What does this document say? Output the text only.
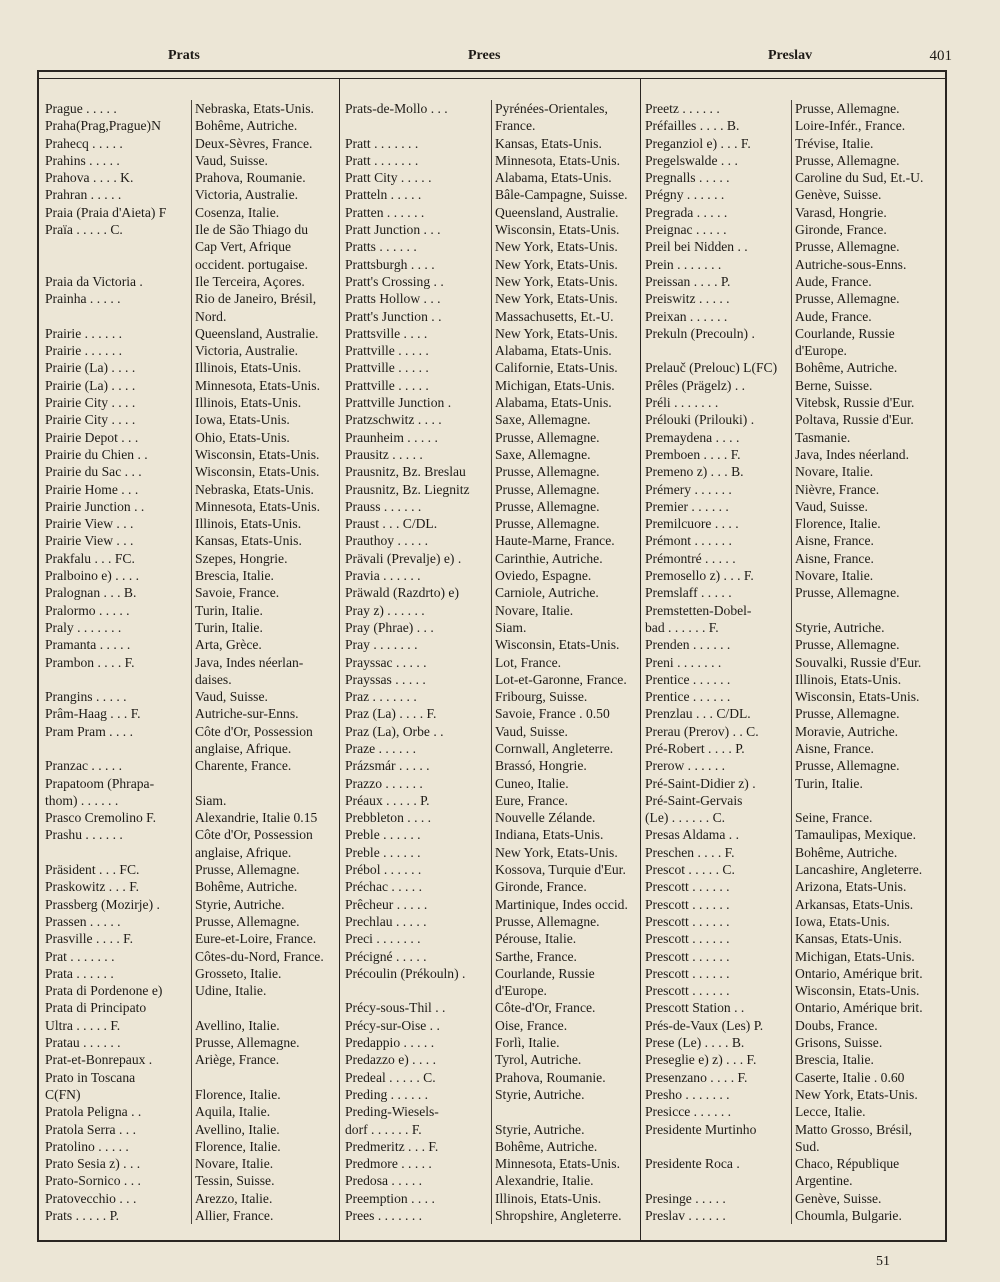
Prats	Prees	Preslav	401
Prague . . . . .	Nebraska, Etats-Unis.
Praha(Prag,Prague)N	Bohême, Autriche.
Prahecq . . . . .	Deux-Sèvres, France.
Prahins . . . . .	Vaud, Suisse.
Prahova . . . . K.	Prahova, Roumanie.
Prahran . . . . .	Victoria, Australie.
Praia (Praia d'Aieta) F	Cosenza, Italie.
Praïa . . . . . C.	Ile de São Thiago du
Cap Vert, Afrique
occident. portugaise.
Praia da Victoria .	Ile Terceira, Açores.
Prainha . . . . .	Rio de Janeiro, Brésil,
Nord.
Prairie . . . . . .	Queensland, Australie.
Prairie . . . . . .	Victoria, Australie.
Prairie (La) . . . .	Illinois, Etats-Unis.
Prairie (La) . . . .	Minnesota, Etats-Unis.
Prairie City . . . .	Illinois, Etats-Unis.
Prairie City . . . .	Iowa, Etats-Unis.
Prairie Depot . . .	Ohio, Etats-Unis.
Prairie du Chien . .	Wisconsin, Etats-Unis.
Prairie du Sac . . .	Wisconsin, Etats-Unis.
Prairie Home . . .	Nebraska, Etats-Unis.
Prairie Junction . .	Minnesota, Etats-Unis.
Prairie View . . .	Illinois, Etats-Unis.
Prairie View . . .	Kansas, Etats-Unis.
Prakfalu . . . FC.	Szepes, Hongrie.
Pralboino e) . . . .	Brescia, Italie.
Pralognan . . . B.	Savoie, France.
Pralormo . . . . .	Turin, Italie.
Praly . . . . . . .	Turin, Italie.
Pramanta . . . . .	Arta, Grèce.
Prambon . . . . F.	Java, Indes néerlan-
daises.
Prangins . . . . .	Vaud, Suisse.
Prâm-Haag . . . F.	Autriche-sur-Enns.
Pram Pram . . . .	Côte d'Or, Possession
anglaise, Afrique.
Pranzac . . . . .	Charente, France.
Prapatoom (Phrapa-
thom) . . . . . .	Siam.
Prasco Cremolino F.	Alexandrie, Italie 0.15
Prashu . . . . . .	Côte d'Or, Possession
anglaise, Afrique.
Präsident . . . FC.	Prusse, Allemagne.
Praskowitz . . . F.	Bohême, Autriche.
Prassberg (Mozirje) .	Styrie, Autriche.
Prassen . . . . .	Prusse, Allemagne.
Prasville . . . . F.	Eure-et-Loire, France.
Prat . . . . . . .	Côtes-du-Nord, France.
Prata . . . . . .	Grosseto, Italie.
Prata di Pordenone e)	Udine, Italie.
Prata di Principato
Ultra . . . . . F.	Avellino, Italie.
Pratau . . . . . .	Prusse, Allemagne.
Prat-et-Bonrepaux .	Ariège, France.
Prato in Toscana
C(FN)	Florence, Italie.
Pratola Peligna . .	Aquila, Italie.
Pratola Serra . . .	Avellino, Italie.
Pratolino . . . . .	Florence, Italie.
Prato Sesia z) . . .	Novare, Italie.
Prato-Sornico . . .	Tessin, Suisse.
Pratovecchio . . .	Arezzo, Italie.
Prats . . . . . P.	Allier, France.
Prats-de-Mollo . . .	Pyrénées-Orientales,
France.
Pratt . . . . . . .	Kansas, Etats-Unis.
Pratt . . . . . . .	Minnesota, Etats-Unis.
Pratt City . . . . .	Alabama, Etats-Unis.
Pratteln . . . . .	Bâle-Campagne, Suisse.
Pratten . . . . . .	Queensland, Australie.
Pratt Junction . . .	Wisconsin, Etats-Unis.
Pratts . . . . . .	New York, Etats-Unis.
Prattsburgh . . . .	New York, Etats-Unis.
Pratt's Crossing . .	New York, Etats-Unis.
Pratts Hollow . . .	New York, Etats-Unis.
Pratt's Junction . .	Massachusetts, Et.-U.
Prattsville . . . .	New York, Etats-Unis.
Prattville . . . . .	Alabama, Etats-Unis.
Prattville . . . . .	Californie, Etats-Unis.
Prattville . . . . .	Michigan, Etats-Unis.
Prattville Junction .	Alabama, Etats-Unis.
Pratzschwitz . . . .	Saxe, Allemagne.
Praunheim . . . . .	Prusse, Allemagne.
Prausitz . . . . .	Saxe, Allemagne.
Prausnitz, Bz. Breslau	Prusse, Allemagne.
Prausnitz, Bz. Liegnitz	Prusse, Allemagne.
Prauss . . . . . .	Prusse, Allemagne.
Praust . . . C/DL.	Prusse, Allemagne.
Prauthoy . . . . .	Haute-Marne, France.
Prävali (Prevalje) e) .	Carinthie, Autriche.
Pravia . . . . . .	Oviedo, Espagne.
Präwald (Razdrto) e)	Carniole, Autriche.
Pray z) . . . . . .	Novare, Italie.
Pray (Phrae) . . .	Siam.
Pray . . . . . . .	Wisconsin, Etats-Unis.
Prayssac . . . . .	Lot, France.
Prayssas . . . . .	Lot-et-Garonne, France.
Praz . . . . . . .	Fribourg, Suisse.
Praz (La) . . . . F.	Savoie, France . 0.50
Praz (La), Orbe . .	Vaud, Suisse.
Praze . . . . . .	Cornwall, Angleterre.
Prázsmár . . . . .	Brassó, Hongrie.
Prazzo . . . . . .	Cuneo, Italie.
Préaux . . . . . P.	Eure, France.
Prebbleton . . . .	Nouvelle Zélande.
Preble . . . . . .	Indiana, Etats-Unis.
Preble . . . . . .	New York, Etats-Unis.
Prébol . . . . . .	Kossova, Turquie d'Eur.
Préchac . . . . .	Gironde, France.
Prêcheur . . . . .	Martinique, Indes occid.
Prechlau . . . . .	Prusse, Allemagne.
Preci . . . . . . .	Pérouse, Italie.
Précigné . . . . .	Sarthe, France.
Précoulin (Prékouln) .	Courlande, Russie
d'Europe.
Précy-sous-Thil . .	Côte-d'Or, France.
Précy-sur-Oise . .	Oise, France.
Predappio . . . . .	Forlì, Italie.
Predazzo e) . . . .	Tyrol, Autriche.
Predeal . . . . . C.	Prahova, Roumanie.
Preding . . . . . .	Styrie, Autriche.
Preding-Wiesels-
dorf . . . . . . F.	Styrie, Autriche.
Predmeritz . . . F.	Bohême, Autriche.
Predmore . . . . .	Minnesota, Etats-Unis.
Predosa . . . . .	Alexandrie, Italie.
Preemption . . . .	Illinois, Etats-Unis.
Prees . . . . . . .	Shropshire, Angleterre.
Preetz . . . . . .	Prusse, Allemagne.
Préfailles . . . . B.	Loire-Infér., France.
Preganziol e) . . . F.	Trévise, Italie.
Pregelswalde . . .	Prusse, Allemagne.
Pregnalls . . . . .	Caroline du Sud, Et.-U.
Prégny . . . . . .	Genève, Suisse.
Pregrada . . . . .	Varasd, Hongrie.
Preignac . . . . .	Gironde, France.
Preil bei Nidden . .	Prusse, Allemagne.
Prein . . . . . . .	Autriche-sous-Enns.
Preissan . . . . P.	Aude, France.
Preiswitz . . . . .	Prusse, Allemagne.
Preixan . . . . . .	Aude, France.
Prekuln (Precouln) .	Courlande, Russie
d'Europe.
Prelauč (Prelouc) L(FC)	Bohême, Autriche.
Prêles (Prägelz) . .	Berne, Suisse.
Préli . . . . . . .	Vitebsk, Russie d'Eur.
Prélouki (Prilouki) .	Poltava, Russie d'Eur.
Premaydena . . . .	Tasmanie.
Premboen . . . . F.	Java, Indes néerland.
Premeno z) . . . B.	Novare, Italie.
Prémery . . . . . .	Nièvre, France.
Premier . . . . . .	Vaud, Suisse.
Premilcuore . . . .	Florence, Italie.
Prémont . . . . . .	Aisne, France.
Prémontré . . . . .	Aisne, France.
Premosello z) . . . F.	Novare, Italie.
Premslaff . . . . .	Prusse, Allemagne.
Premstetten-Dobel-
bad . . . . . . F.	Styrie, Autriche.
Prenden . . . . . .	Prusse, Allemagne.
Preni . . . . . . .	Souvalki, Russie d'Eur.
Prentice . . . . . .	Illinois, Etats-Unis.
Prentice . . . . . .	Wisconsin, Etats-Unis.
Prenzlau . . . C/DL.	Prusse, Allemagne.
Prerau (Prerov) . . C.	Moravie, Autriche.
Pré-Robert . . . . P.	Aisne, France.
Prerow . . . . . .	Prusse, Allemagne.
Pré-Saint-Didier z) .	Turin, Italie.
Pré-Saint-Gervais
(Le) . . . . . . C.	Seine, France.
Presas Aldama . .	Tamaulipas, Mexique.
Preschen . . . . F.	Bohême, Autriche.
Prescot . . . . . C.	Lancashire, Angleterre.
Prescott . . . . . .	Arizona, Etats-Unis.
Prescott . . . . . .	Arkansas, Etats-Unis.
Prescott . . . . . .	Iowa, Etats-Unis.
Prescott . . . . . .	Kansas, Etats-Unis.
Prescott . . . . . .	Michigan, Etats-Unis.
Prescott . . . . . .	Ontario, Amérique brit.
Prescott . . . . . .	Wisconsin, Etats-Unis.
Prescott Station . .	Ontario, Amérique brit.
Prés-de-Vaux (Les) P.	Doubs, France.
Prese (Le) . . . . B.	Grisons, Suisse.
Preseglie e) z) . . . F.	Brescia, Italie.
Presenzano . . . . F.	Caserte, Italie . 0.60
Presho . . . . . . .	New York, Etats-Unis.
Presicce . . . . . .	Lecce, Italie.
Presidente Murtinho	Matto Grosso, Brésil,
Sud.
Presidente Roca .	Chaco, République
Argentine.
Presinge . . . . .	Genève, Suisse.
Preslav . . . . . .	Choumla, Bulgarie.
51
